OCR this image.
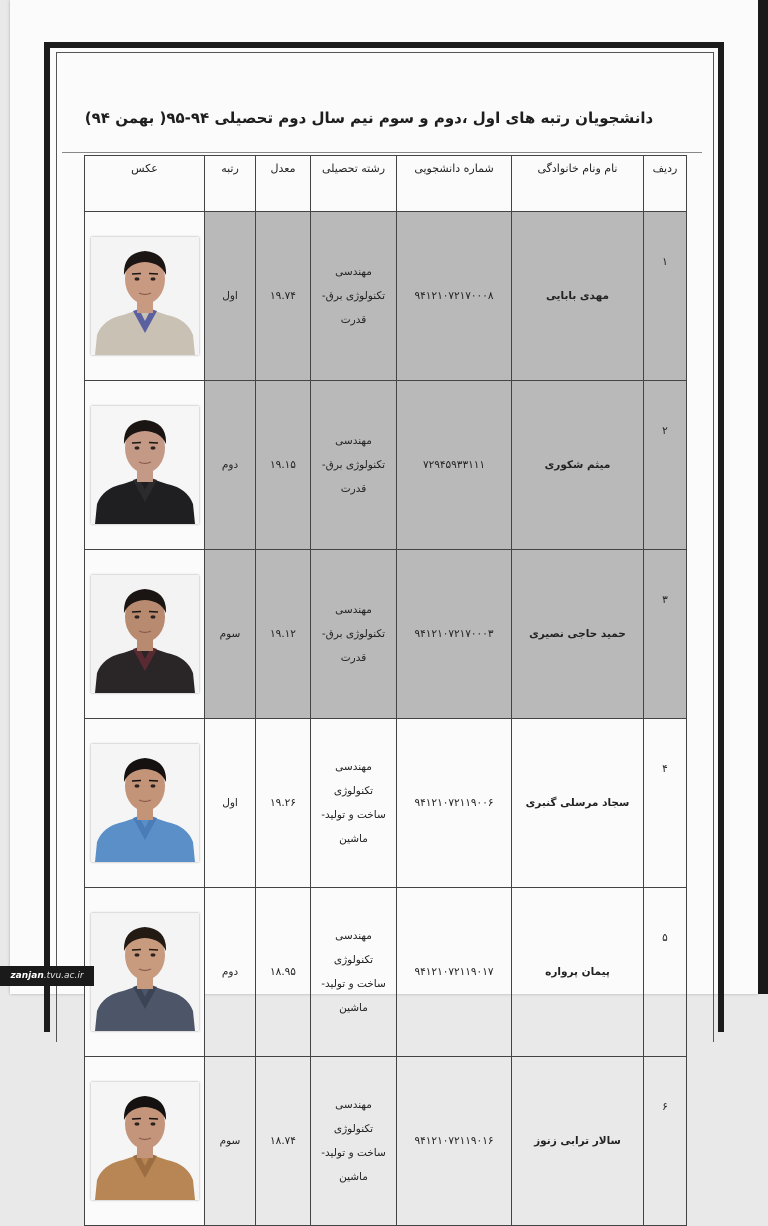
دانشجویان رتبه های اول ،دوم و سوم نیم سال دوم تحصیلی ۹۴-۹۵( بهمن ۹۴)
ردیف	نام ونام خانوادگی	شماره دانشجویی	رشته تحصیلی	معدل	رتبه	عکس
۱	مهدی بابایی	۹۴۱۲۱۰۷۲۱۷۰۰۰۸	مهندسی
تکنولوژی برق-
قدرت	۱۹.۷۴	اول	

۲	میثم شکوری	۷۲۹۴۵۹۳۳۱۱۱	مهندسی
تکنولوژی برق-
قدرت	۱۹.۱۵	دوم	

۳	حمید حاجی نصیری	۹۴۱۲۱۰۷۲۱۷۰۰۰۳	مهندسی
تکنولوژی برق-
قدرت	۱۹.۱۲	سوم	

۴	سجاد مرسلی گنبری	۹۴۱۲۱۰۷۲۱۱۹۰۰۶	مهندسی
تکنولوژی
ساخت و تولید-
ماشین	۱۹.۲۶	اول	

۵	پیمان پرواره	۹۴۱۲۱۰۷۲۱۱۹۰۱۷	مهندسی
تکنولوژی
ساخت و تولید-
ماشین	۱۸.۹۵	دوم	

۶	سالار ترابی زنوز	۹۴۱۲۱۰۷۲۱۱۹۰۱۶	مهندسی
تکنولوژی
ساخت و تولید-
ماشین	۱۸.۷۴	سوم	
zanjan.tvu.ac.ir
